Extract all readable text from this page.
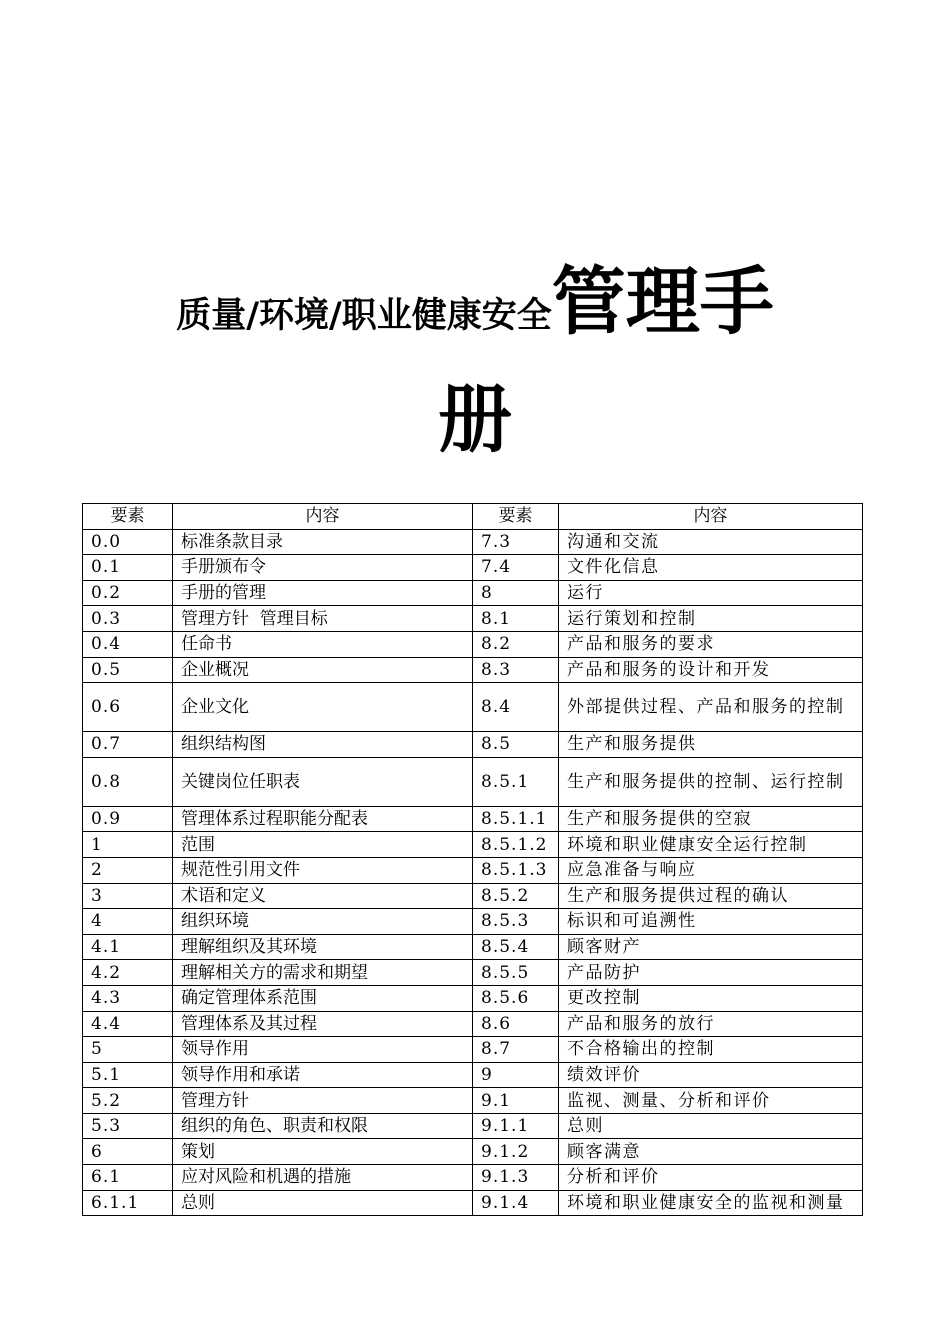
质量/环境/职业健康安全管理手

册

要素	内容	要素	内容
0.0	标准条款目录	7.3	沟通和交流
0.1	手册颁布令	7.4	文件化信息
0.2	手册的管理	8	运行
0.3	管理方针  管理目标	8.1	运行策划和控制
0.4	任命书	8.2	产品和服务的要求
0.5	企业概况	8.3	产品和服务的设计和开发
0.6	企业文化	8.4	外部提供过程、产品和服务的控制
0.7	组织结构图	8.5	生产和服务提供
0.8	关键岗位任职表	8.5.1	生产和服务提供的控制、运行控制
0.9	管理体系过程职能分配表	8.5.1.1	生产和服务提供的空寂
1	范围	8.5.1.2	环境和职业健康安全运行控制
2	规范性引用文件	8.5.1.3	应急准备与响应
3	术语和定义	8.5.2	生产和服务提供过程的确认
4	组织环境	8.5.3	标识和可追溯性
4.1	理解组织及其环境	8.5.4	顾客财产
4.2	理解相关方的需求和期望	8.5.5	产品防护
4.3	确定管理体系范围	8.5.6	更改控制
4.4	管理体系及其过程	8.6	产品和服务的放行
5	领导作用	8.7	不合格输出的控制
5.1	领导作用和承诺	9	绩效评价
5.2	管理方针	9.1	监视、测量、分析和评价
5.3	组织的角色、职责和权限	9.1.1	总则
6	策划	9.1.2	顾客满意
6.1	应对风险和机遇的措施	9.1.3	分析和评价
6.1.1	总则	9.1.4	环境和职业健康安全的监视和测量
